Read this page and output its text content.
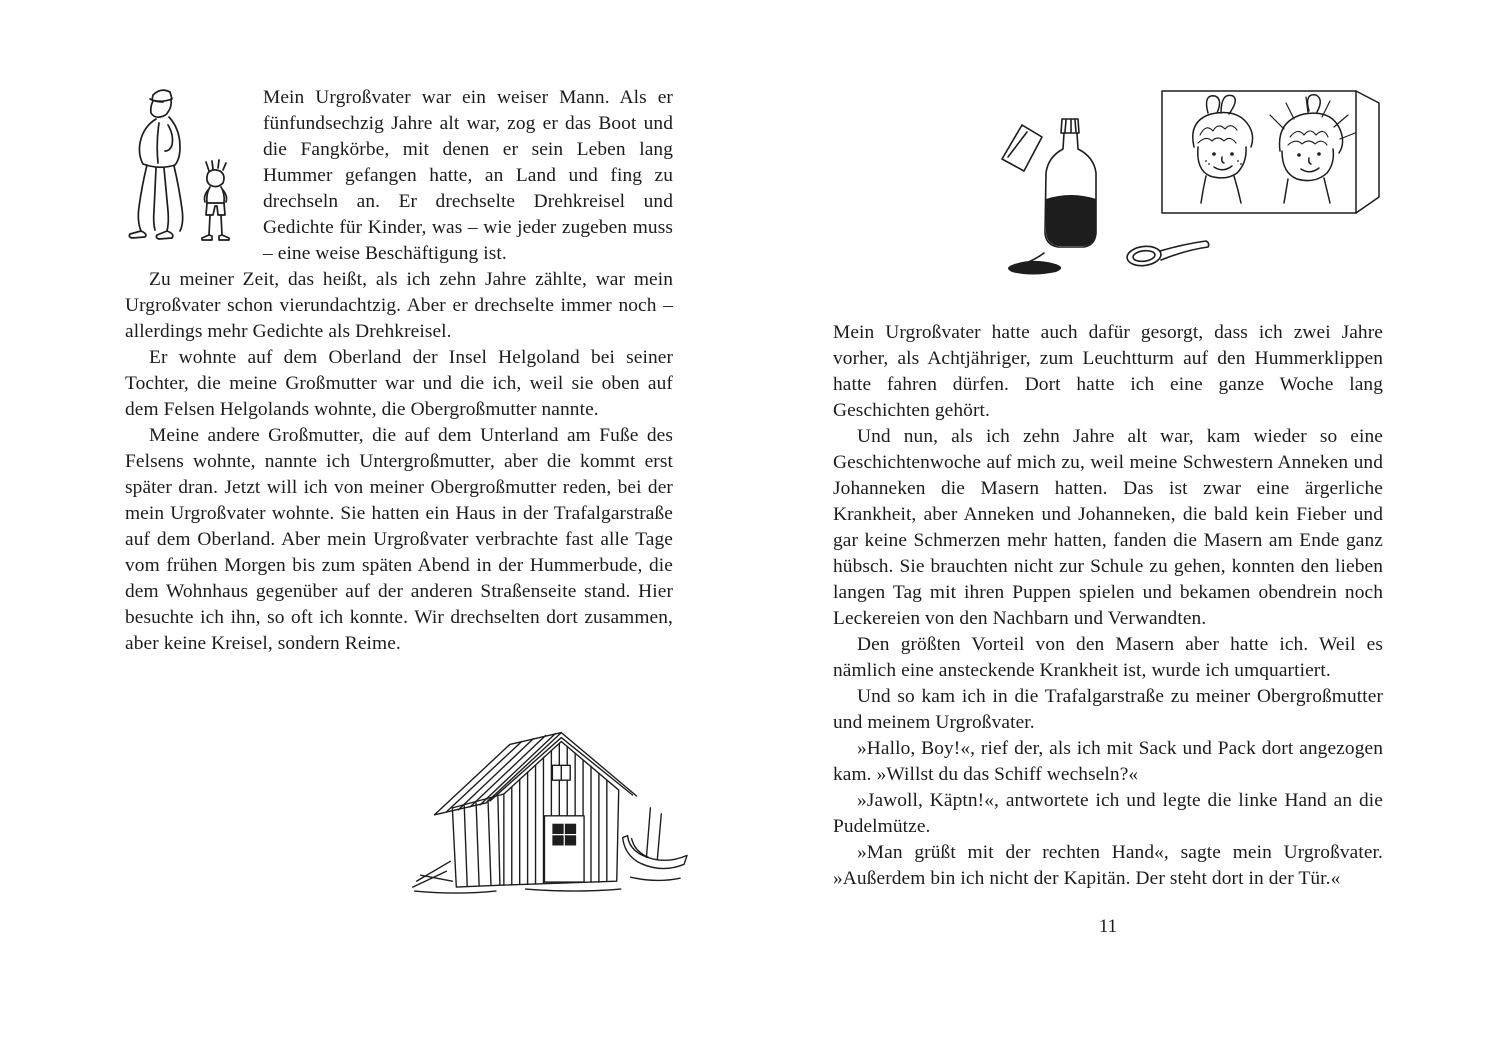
Mein Urgroßvater war ein weiser Mann. Als er fünfundsechzig Jahre alt war, zog er das Boot und die Fangkörbe, mit denen er sein Leben lang Hummer gefangen hatte, an Land und fing zu drechseln an. Er drechselte Drehkreisel und Gedichte für Kinder, was – wie jeder zugeben muss – eine weise Beschäftigung ist.

Zu meiner Zeit, das heißt, als ich zehn Jahre zählte, war mein Urgroßvater schon vierundachtzig. Aber er drechselte immer noch – allerdings mehr Gedichte als Drehkreisel.

Er wohnte auf dem Oberland der Insel Helgoland bei seiner Tochter, die meine Großmutter war und die ich, weil sie oben auf dem Felsen Helgolands wohnte, die Obergroßmutter nannte.

Meine andere Großmutter, die auf dem Unterland am Fuße des Felsens wohnte, nannte ich Untergroßmutter, aber die kommt erst später dran. Jetzt will ich von meiner Obergroßmutter reden, bei der mein Urgroßvater wohnte. Sie hatten ein Haus in der Trafalgarstraße auf dem Oberland. Aber mein Urgroßvater verbrachte fast alle Tage vom frühen Morgen bis zum späten Abend in der Hummerbude, die dem Wohnhaus gegenüber auf der anderen Straßenseite stand. Hier besuchte ich ihn, so oft ich konnte. Wir drechselten dort zusammen, aber keine Kreisel, sondern Reime.

Mein Urgroßvater hatte auch dafür gesorgt, dass ich zwei Jahre vorher, als Achtjähriger, zum Leuchtturm auf den Hummerklippen hatte fahren dürfen. Dort hatte ich eine ganze Woche lang Geschichten gehört.

Und nun, als ich zehn Jahre alt war, kam wieder so eine Geschichtenwoche auf mich zu, weil meine Schwestern Anneken und Johanneken die Masern hatten. Das ist zwar eine ärgerliche Krankheit, aber Anneken und Johanneken, die bald kein Fieber und gar keine Schmerzen mehr hatten, fanden die Masern am Ende ganz hübsch. Sie brauchten nicht zur Schule zu gehen, konnten den lieben langen Tag mit ihren Puppen spielen und bekamen obendrein noch Leckereien von den Nachbarn und Verwandten.

Den größten Vorteil von den Masern aber hatte ich. Weil es nämlich eine ansteckende Krankheit ist, wurde ich umquartiert.

Und so kam ich in die Trafalgarstraße zu meiner Obergroßmutter und meinem Urgroßvater.

»Hallo, Boy!«, rief der, als ich mit Sack und Pack dort angezogen kam. »Willst du das Schiff wechseln?«

»Jawoll, Käptn!«, antwortete ich und legte die linke Hand an die Pudelmütze.

»Man grüßt mit der rechten Hand«, sagte mein Urgroßvater. »Außerdem bin ich nicht der Kapitän. Der steht dort in der Tür.«

11
